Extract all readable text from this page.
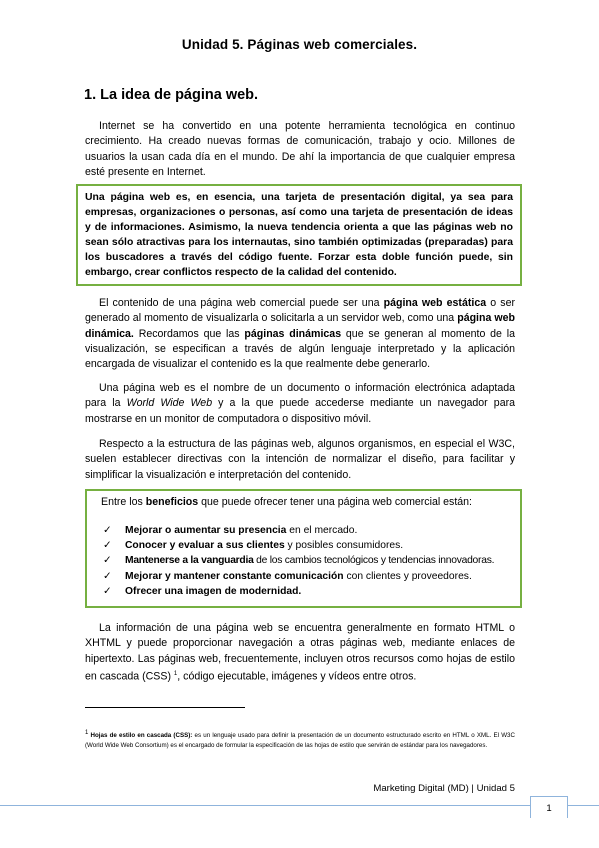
Unidad 5. Páginas web comerciales.
1. La idea de página web.

Internet se ha convertido en una potente herramienta tecnológica en continuo crecimiento. Ha creado nuevas formas de comunicación, trabajo y ocio. Millones de usuarios la usan cada día en el mundo. De ahí la importancia de que cualquier empresa esté presente en Internet.

Una página web es, en esencia, una tarjeta de presentación digital, ya sea para empresas, organizaciones o personas, así como una tarjeta de presentación de ideas y de informaciones. Asimismo, la nueva tendencia orienta a que las páginas web no sean sólo atractivas para los internautas, sino también optimizadas (preparadas) para los buscadores a través del código fuente. Forzar esta doble función puede, sin embargo, crear conflictos respecto de la calidad del contenido.

El contenido de una página web comercial puede ser una página web estática o ser generado al momento de visualizarla o solicitarla a un servidor web, como una página web dinámica. Recordamos que las páginas dinámicas que se generan al momento de la visualización, se especifican a través de algún lenguaje interpretado y la aplicación encargada de visualizar el contenido es la que realmente debe generarlo.

Una página web es el nombre de un documento o información electrónica adaptada para la World Wide Web y a la que puede accederse mediante un navegador para mostrarse en un monitor de computadora o dispositivo móvil.

Respecto a la estructura de las páginas web, algunos organismos, en especial el W3C, suelen establecer directivas con la intención de normalizar el diseño, para facilitar y simplificar la visualización e interpretación del contenido.

Entre los beneficios que puede ofrecer tener una página web comercial están:
✓ Mejorar o aumentar su presencia en el mercado.
✓ Conocer y evaluar a sus clientes y posibles consumidores.
✓ Mantenerse a la vanguardia de los cambios tecnológicos y tendencias innovadoras.
✓ Mejorar y mantener constante comunicación con clientes y proveedores.
✓ Ofrecer una imagen de modernidad.

La información de una página web se encuentra generalmente en formato HTML o XHTML y puede proporcionar navegación a otras páginas web, mediante enlaces de hipertexto. Las páginas web, frecuentemente, incluyen otros recursos como hojas de estilo en cascada (CSS) $^1$, código ejecutable, imágenes y vídeos entre otros.

$^1$ Hojas de estilo en cascada (CSS): es un lenguaje usado para definir la presentación de un documento estructurado escrito en HTML o XML. El W3C (World Wide Web Consortium) es el encargado de formular la especificación de las hojas de estilo que servirán de estándar para los navegadores.

Marketing Digital (MD) | Unidad 5
1
